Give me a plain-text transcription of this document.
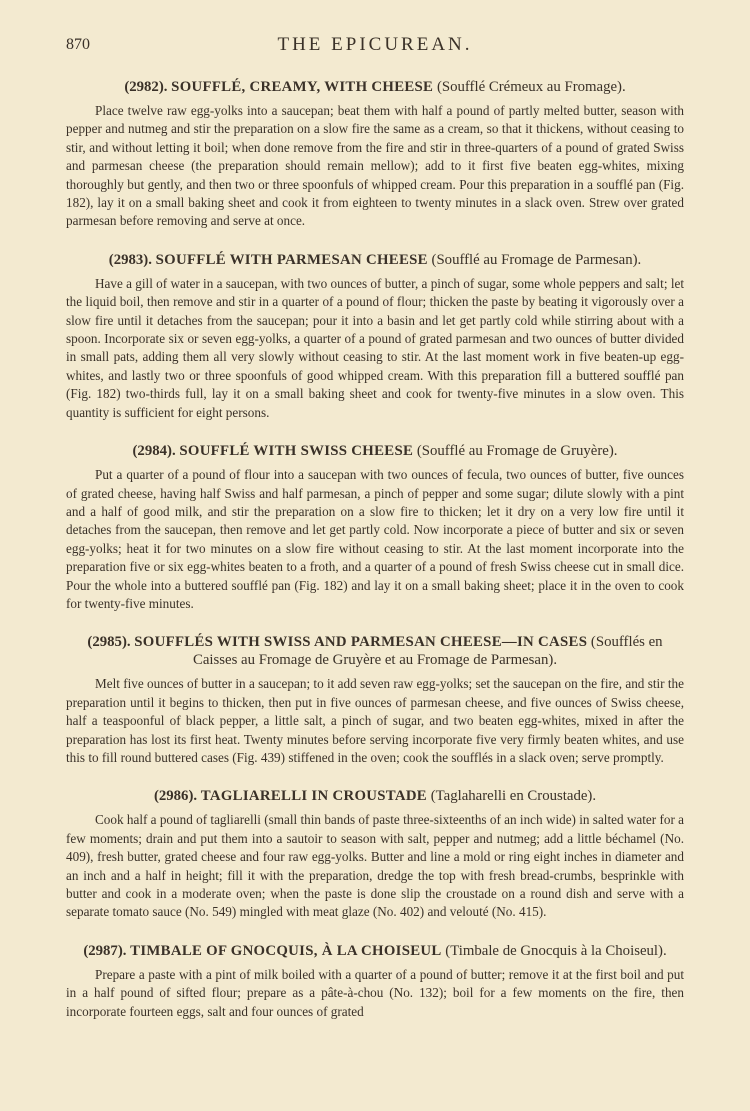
870	THE EPICUREAN.
(2982). SOUFFLÉ, CREAMY, WITH CHEESE (Soufflé Crémeux au Fromage).

Place twelve raw egg-yolks into a saucepan; beat them with half a pound of partly melted butter, season with pepper and nutmeg and stir the preparation on a slow fire the same as a cream, so that it thickens, without ceasing to stir, and without letting it boil; when done remove from the fire and stir in three-quarters of a pound of grated Swiss and parmesan cheese (the preparation should remain mellow); add to it first five beaten egg-whites, mixing thoroughly but gently, and then two or three spoonfuls of whipped cream. Pour this preparation in a soufflé pan (Fig. 182), lay it on a small baking sheet and cook it from eighteen to twenty minutes in a slack oven. Strew over grated parmesan before removing and serve at once.

(2983). SOUFFLÉ WITH PARMESAN CHEESE (Soufflé au Fromage de Parmesan).

Have a gill of water in a saucepan, with two ounces of butter, a pinch of sugar, some whole peppers and salt; let the liquid boil, then remove and stir in a quarter of a pound of flour; thicken the paste by beating it vigorously over a slow fire until it detaches from the saucepan; pour it into a basin and let get partly cold while stirring about with a spoon. Incorporate six or seven egg-yolks, a quarter of a pound of grated parmesan and two ounces of butter divided in small pats, adding them all very slowly without ceasing to stir. At the last moment work in five beaten-up egg-whites, and lastly two or three spoonfuls of good whipped cream. With this preparation fill a buttered soufflé pan (Fig. 182) two-thirds full, lay it on a small baking sheet and cook for twenty-five minutes in a slow oven. This quantity is sufficient for eight persons.

(2984). SOUFFLÉ WITH SWISS CHEESE (Soufflé au Fromage de Gruyère).

Put a quarter of a pound of flour into a saucepan with two ounces of fecula, two ounces of butter, five ounces of grated cheese, having half Swiss and half parmesan, a pinch of pepper and some sugar; dilute slowly with a pint and a half of good milk, and stir the preparation on a slow fire to thicken; let it dry on a very low fire until it detaches from the saucepan, then remove and let get partly cold. Now incorporate a piece of butter and six or seven egg-yolks; heat it for two minutes on a slow fire without ceasing to stir. At the last moment incorporate into the preparation five or six egg-whites beaten to a froth, and a quarter of a pound of fresh Swiss cheese cut in small dice. Pour the whole into a buttered soufflé pan (Fig. 182) and lay it on a small baking sheet; place it in the oven to cook for twenty-five minutes.

(2985). SOUFFLÉS WITH SWISS AND PARMESAN CHEESE—IN CASES (Soufflés en Caisses au Fromage de Gruyère et au Fromage de Parmesan).

Melt five ounces of butter in a saucepan; to it add seven raw egg-yolks; set the saucepan on the fire, and stir the preparation until it begins to thicken, then put in five ounces of parmesan cheese, and five ounces of Swiss cheese, half a teaspoonful of black pepper, a little salt, a pinch of sugar, and two beaten egg-whites, mixed in after the preparation has lost its first heat. Twenty minutes before serving incorporate five very firmly beaten whites, and use this to fill round buttered cases (Fig. 439) stiffened in the oven; cook the soufflés in a slack oven; serve promptly.

(2986). TAGLIARELLI IN CROUSTADE (Taglaharelli en Croustade).

Cook half a pound of tagliarelli (small thin bands of paste three-sixteenths of an inch wide) in salted water for a few moments; drain and put them into a sautoir to season with salt, pepper and nutmeg; add a little béchamel (No. 409), fresh butter, grated cheese and four raw egg-yolks. Butter and line a mold or ring eight inches in diameter and an inch and a half in height; fill it with the preparation, dredge the top with fresh bread-crumbs, besprinkle with butter and cook in a moderate oven; when the paste is done slip the croustade on a round dish and serve with a separate tomato sauce (No. 549) mingled with meat glaze (No. 402) and velouté (No. 415).

(2987). TIMBALE OF GNOCQUIS, À LA CHOISEUL (Timbale de Gnocquis à la Choiseul).

Prepare a paste with a pint of milk boiled with a quarter of a pound of butter; remove it at the first boil and put in a half pound of sifted flour; prepare as a pâte-à-chou (No. 132); boil for a few moments on the fire, then incorporate fourteen eggs, salt and four ounces of grated
